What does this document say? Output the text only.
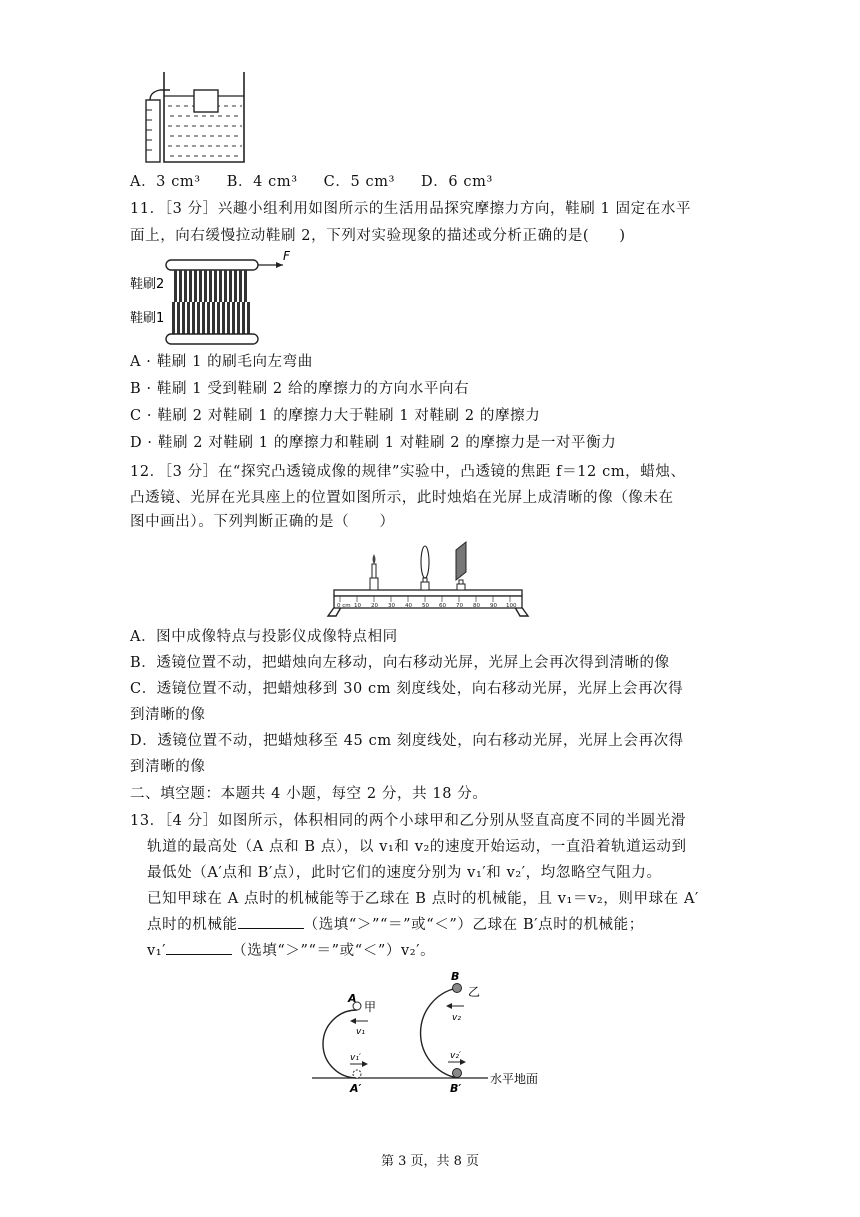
A．3 cm³ B．4 cm³ C．5 cm³ D．6 cm³
11．［3 分］兴趣小组利用如图所示的生活用品探究摩擦力方向，鞋刷 1 固定在水平
面上，向右缓慢拉动鞋刷 2，下列对实验现象的描述或分析正确的是(　　)
F
鞋刷2
鞋刷1
A · 鞋刷 1 的刷毛向左弯曲
B · 鞋刷 1 受到鞋刷 2 给的摩擦力的方向水平向右
C · 鞋刷 2 对鞋刷 1 的摩擦力大于鞋刷 1 对鞋刷 2 的摩擦力
D · 鞋刷 2 对鞋刷 1 的摩擦力和鞋刷 1 对鞋刷 2 的摩擦力是一对平衡力
12．［3 分］在“探究凸透镜成像的规律”实验中，凸透镜的焦距 f＝12 cm，蜡烛、
凸透镜、光屏在光具座上的位置如图所示，此时烛焰在光屏上成清晰的像（像未在
图中画出）。下列判断正确的是（　　）
0 cm 10 20 30 40 50 60 70 80 90 100
A．图中成像特点与投影仪成像特点相同
B．透镜位置不动，把蜡烛向左移动，向右移动光屏，光屏上会再次得到清晰的像
C．透镜位置不动，把蜡烛移到 30 cm 刻度线处，向右移动光屏，光屏上会再次得
到清晰的像
D．透镜位置不动，把蜡烛移至 45 cm 刻度线处，向右移动光屏，光屏上会再次得
到清晰的像
二、填空题：本题共 4 小题，每空 2 分，共 18 分。
13．［4 分］如图所示，体积相同的两个小球甲和乙分别从竖直高度不同的半圆光滑
轨道的最高处（A 点和 B 点），以 v₁和 v₂的速度开始运动，一直沿着轨道运动到
最低处（A′点和 B′点），此时它们的速度分别为 v₁′和 v₂′，均忽略空气阻力。
已知甲球在 A 点时的机械能等于乙球在 B 点时的机械能，且 v₁＝v₂，则甲球在 A′
点时的机械能	（选填“＞”“＝”或“＜”）乙球在 B′点时的机械能；
v₁′	（选填“＞”“＝”或“＜”）v₂′。
水平地面
A
甲
v₁
v₁′
A′
B
乙
v₂
v₂′
B′
第 3 页，共 8 页
